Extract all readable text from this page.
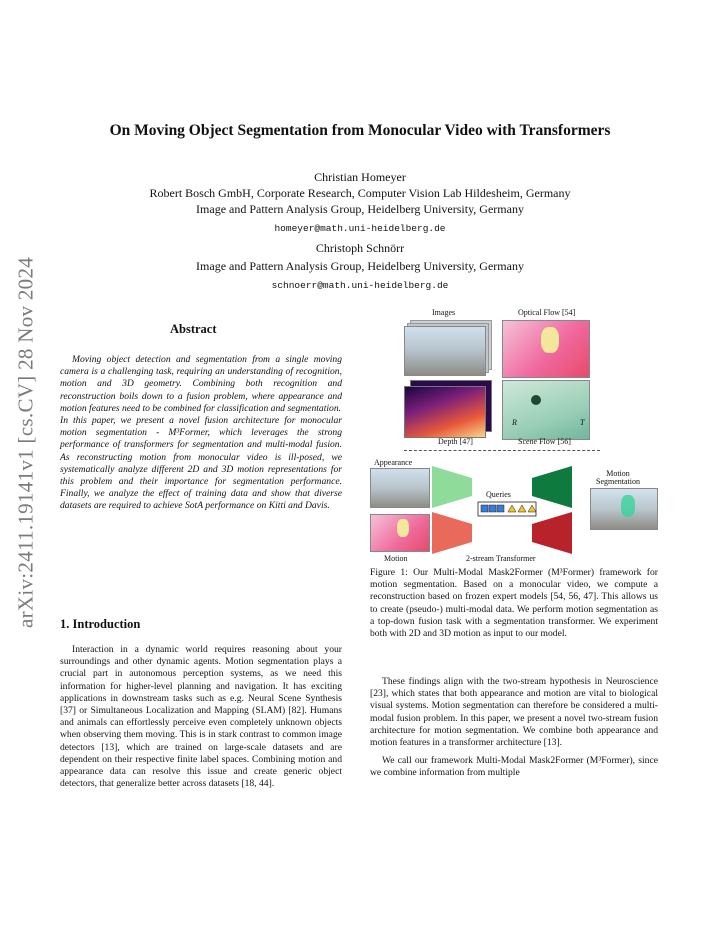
arXiv:2411.19141v1 [cs.CV] 28 Nov 2024
On Moving Object Segmentation from Monocular Video with Transformers
Christian Homeyer
Robert Bosch GmbH, Corporate Research, Computer Vision Lab Hildesheim, Germany
Image and Pattern Analysis Group, Heidelberg University, Germany
homeyer@math.uni-heidelberg.de
Christoph Schnörr
Image and Pattern Analysis Group, Heidelberg University, Germany
schnoerr@math.uni-heidelberg.de
Abstract

Moving object detection and segmentation from a single moving camera is a challenging task, requiring an understanding of recognition, motion and 3D geometry. Combining both recognition and reconstruction boils down to a fusion problem, where appearance and motion features need to be combined for classification and segmentation.

In this paper, we present a novel fusion architecture for monocular motion segmentation - M³Former, which leverages the strong performance of transformers for segmentation and multi-modal fusion. As reconstructing motion from monocular video is ill-posed, we systematically analyze different 2D and 3D motion representations for this problem and their importance for segmentation performance. Finally, we analyze the effect of training data and show that diverse datasets are required to achieve SotA performance on Kitti and Davis.

1. Introduction

Interaction in a dynamic world requires reasoning about your surroundings and other dynamic agents. Motion segmentation plays a crucial part in autonomous perception systems, as we need this information for higher-level planning and navigation. It has exciting applications in downstream tasks such as e.g. Neural Scene Synthesis [37] or Simultaneous Localization and Mapping (SLAM) [82]. Humans and animals can effortlessly perceive even completely unknown objects when observing them moving. This is in stark contrast to common image detectors [13], which are trained on large-scale datasets and are dependent on their respective finite label spaces. Combining motion and appearance data can resolve this issue and create generic object detectors, that generalize better across datasets [18, 44].

Images	Optical Flow [54]
R	T
Depth [47]	Scene Flow [56]
Appearance
Motion
Queries
Motion Segmentation
2-stream Transformer
Figure 1: Our Multi-Modal Mask2Former (M³Former) framework for motion segmentation. Based on a monocular video, we compute a reconstruction based on frozen expert models [54, 56, 47]. This allows us to create (pseudo-) multi-modal data. We perform motion segmentation as a top-down fusion task with a segmentation transformer. We experiment both with 2D and 3D motion as input to our model.

These findings align with the two-stream hypothesis in Neuroscience [23], which states that both appearance and motion are vital to biological visual systems. Motion segmentation can therefore be considered a multi-modal fusion problem. In this paper, we present a novel two-stream fusion architecture for motion segmentation. We combine both appearance and motion features in a transformer architecture [13].

We call our framework Multi-Modal Mask2Former (M³Former), since we combine information from multiple
